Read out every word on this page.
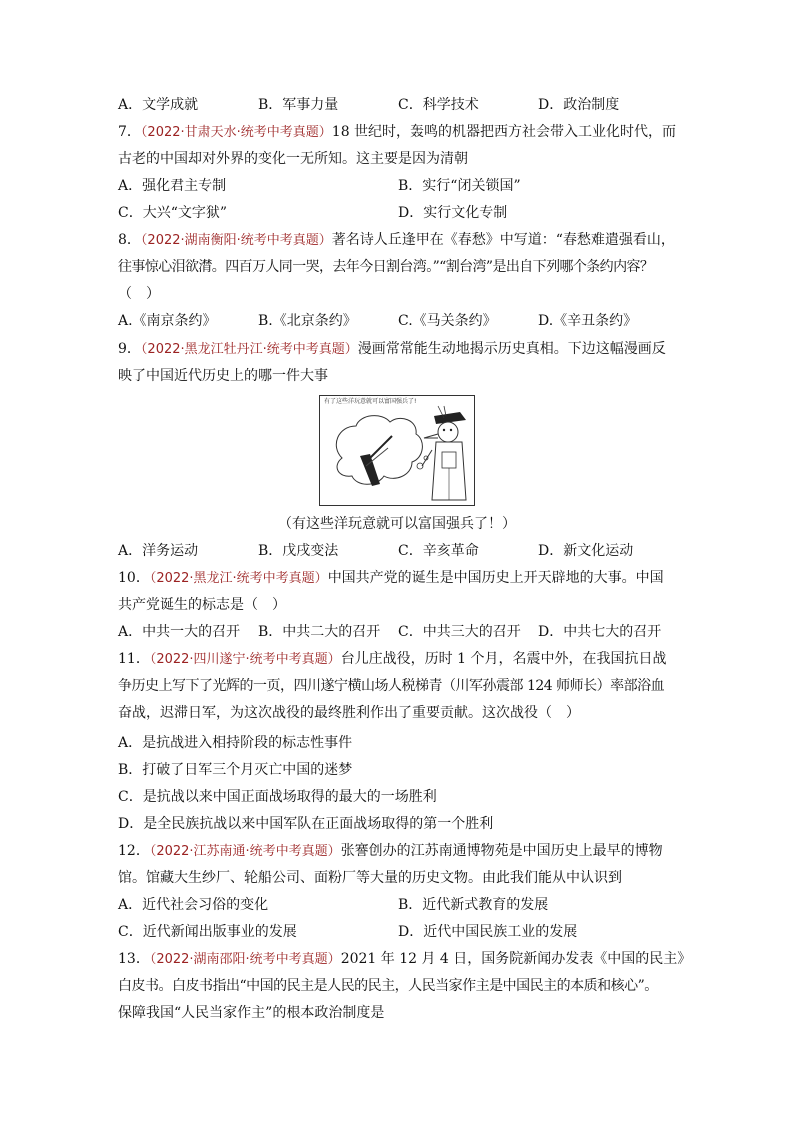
A．文学成就	B．军事力量	C．科学技术	D．政治制度
7．（2022·甘肃天水·统考中考真题）18 世纪时，轰鸣的机器把西方社会带入工业化时代，而
古老的中国却对外界的变化一无所知。这主要是因为清朝
A．强化君主专制	B．实行“闭关锁国”
C．大兴“文字狱”	D．实行文化专制
8．（2022·湖南衡阳·统考中考真题）著名诗人丘逢甲在《春愁》中写道：“春愁难遣强看山，
往事惊心泪欲潸。四百万人同一哭，去年今日割台湾。”“割台湾”是出自下列哪个条约内容？
（　）
A.《南京条约》	B.《北京条约》	C.《马关条约》	D.《辛丑条约》
9．（2022·黑龙江牡丹江·统考中考真题）漫画常常能生动地揭示历史真相。下边这幅漫画反
映了中国近代历史上的哪一件大事
有了这些洋玩意就可以富国强兵了!
（有这些洋玩意就可以富国强兵了！）
A．洋务运动	B．戊戌变法	C．辛亥革命	D．新文化运动
10．（2022·黑龙江·统考中考真题）中国共产党的诞生是中国历史上开天辟地的大事。中国
共产党诞生的标志是（　）
A．中共一大的召开 B．中共二大的召开 C．中共三大的召开 D．中共七大的召开
11．（2022·四川遂宁·统考中考真题）台儿庄战役，历时 1 个月，名震中外，在我国抗日战
争历史上写下了光辉的一页，四川遂宁横山场人税梯青（川军孙震部 124 师师长）率部浴血
奋战，迟滞日军，为这次战役的最终胜利作出了重要贡献。这次战役（　）
A．是抗战进入相持阶段的标志性事件
B．打破了日军三个月灭亡中国的迷梦
C．是抗战以来中国正面战场取得的最大的一场胜利
D．是全民族抗战以来中国军队在正面战场取得的第一个胜利
12．（2022·江苏南通·统考中考真题）张謇创办的江苏南通博物苑是中国历史上最早的博物
馆。馆藏大生纱厂、轮船公司、面粉厂等大量的历史文物。由此我们能从中认识到
A．近代社会习俗的变化	B．近代新式教育的发展
C．近代新闻出版事业的发展	D．近代中国民族工业的发展
13．（2022·湖南邵阳·统考中考真题）2021 年 12 月 4 日，国务院新闻办发表《中国的民主》
白皮书。白皮书指出“中国的民主是人民的民主，人民当家作主是中国民主的本质和核心”。
保障我国“人民当家作主”的根本政治制度是
